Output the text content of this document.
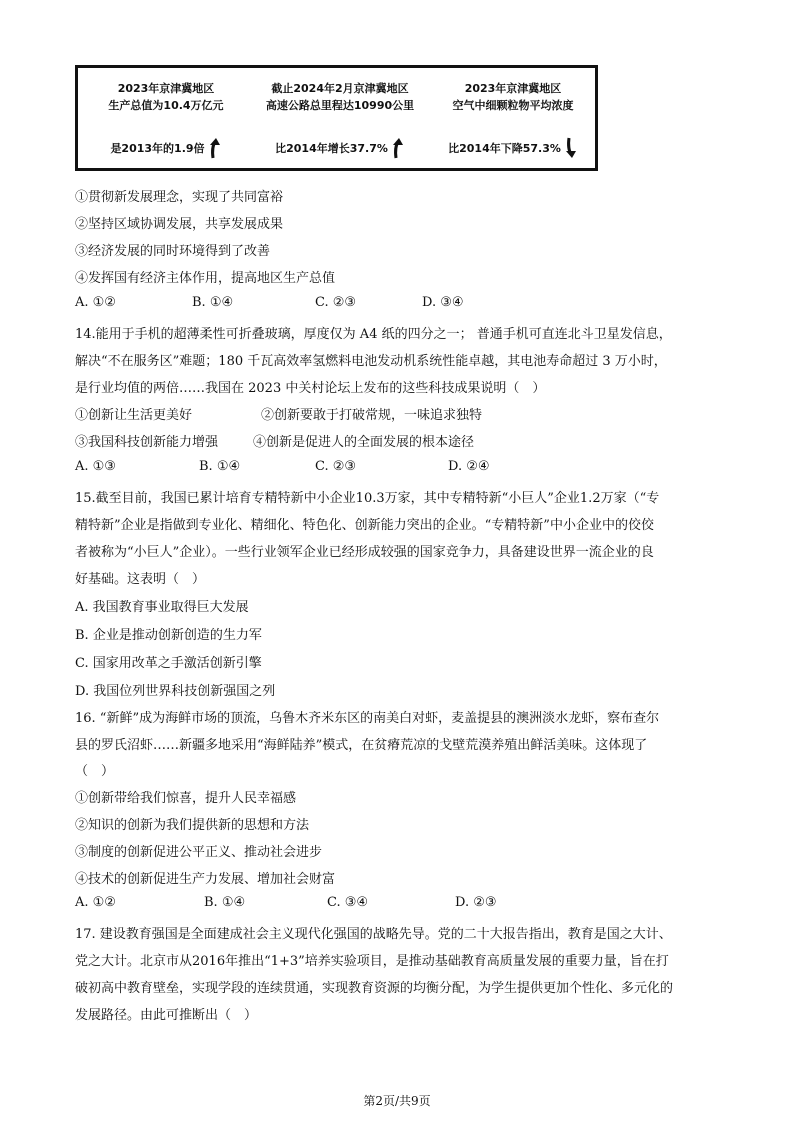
2023年京津冀地区
生产总值为10.4万亿元
是2013年的1.9倍
截止2024年2月京津冀地区
高速公路总里程达10990公里
比2014年增长37.7%
2023年京津冀地区
空气中细颗粒物平均浓度
比2014年下降57.3%
①贯彻新发展理念，实现了共同富裕
②坚持区域协调发展，共享发展成果
③经济发展的同时环境得到了改善
④发挥国有经济主体作用，提高地区生产总值
A. ①②	B. ①④	C. ②③	D. ③④
14.能用于手机的超薄柔性可折叠玻璃，厚度仅为 A4 纸的四分之一； 普通手机可直连北斗卫星发信息，
解决“不在服务区”难题；180 千瓦高效率氢燃料电池发动机系统性能卓越，其电池寿命超过 3 万小时，
是行业均值的两倍……我国在 2023 中关村论坛上发布的这些科技成果说明（　）
①创新让生活更美好	②创新要敢于打破常规，一味追求独特
③我国科技创新能力增强	④创新是促进人的全面发展的根本途径
A. ①③	B. ①④	C. ②③	D. ②④
15.截至目前，我国已累计培育专精特新中小企业10.3万家，其中专精特新“小巨人”企业1.2万家（“专
精特新”企业是指做到专业化、精细化、特色化、创新能力突出的企业。“专精特新”中小企业中的佼佼
者被称为“小巨人”企业）。一些行业领军企业已经形成较强的国家竞争力，具备建设世界一流企业的良
好基础。这表明（　）
A. 我国教育事业取得巨大发展
B. 企业是推动创新创造的生力军
C. 国家用改革之手激活创新引擎
D. 我国位列世界科技创新强国之列
16. “新鲜”成为海鲜市场的顶流，乌鲁木齐米东区的南美白对虾，麦盖提县的澳洲淡水龙虾，察布查尔
县的罗氏沼虾……新疆多地采用“海鲜陆养”模式，在贫瘠荒凉的戈壁荒漠养殖出鲜活美味。这体现了
（　）
①创新带给我们惊喜，提升人民幸福感
②知识的创新为我们提供新的思想和方法
③制度的创新促进公平正义、推动社会进步
④技术的创新促进生产力发展、增加社会财富
A. ①②	B. ①④	C. ③④	D. ②③
17. 建设教育强国是全面建成社会主义现代化强国的战略先导。党的二十大报告指出，教育是国之大计、
党之大计。北京市从2016年推出“1+3”培养实验项目，是推动基础教育高质量发展的重要力量，旨在打
破初高中教育壁垒，实现学段的连续贯通，实现教育资源的均衡分配，为学生提供更加个性化、多元化的
发展路径。由此可推断出（　）
第2页/共9页
